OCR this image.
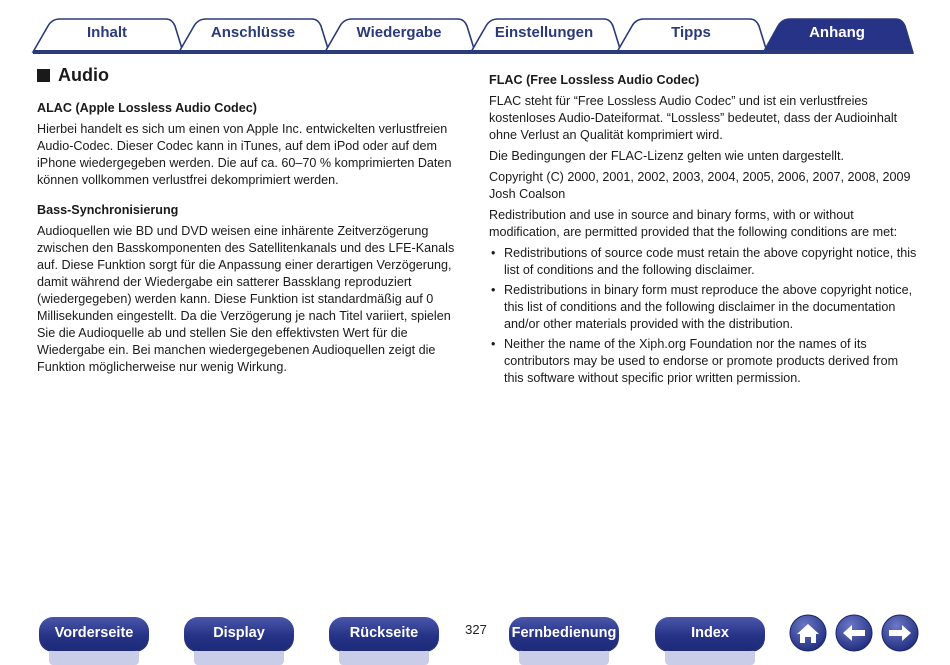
Inhalt	Anschlüsse	Wiedergabe	Einstellungen	Tipps	Anhang
Audio
ALAC (Apple Lossless Audio Codec)

Hierbei handelt es sich um einen von Apple Inc. entwickelten verlustfreien Audio-Codec. Dieser Codec kann in iTunes, auf dem iPod oder auf dem iPhone wiedergegeben werden. Die auf ca. 60–70 % komprimierten Daten können vollkommen verlustfrei dekomprimiert werden.

Bass-Synchronisierung

Audioquellen wie BD und DVD weisen eine inhärente Zeitverzögerung zwischen den Basskomponenten des Satellitenkanals und des LFE-Kanals auf. Diese Funktion sorgt für die Anpassung einer derartigen Verzögerung, damit während der Wiedergabe ein satterer Bassklang reproduziert (wiedergegeben) werden kann. Diese Funktion ist standardmäßig auf 0 Millisekunden eingestellt. Da die Verzögerung je nach Titel variiert, spielen Sie die Audioquelle ab und stellen Sie den effektivsten Wert für die Wiedergabe ein. Bei manchen wiedergegebenen Audioquellen zeigt die Funktion möglicherweise nur wenig Wirkung.

FLAC (Free Lossless Audio Codec)

FLAC steht für “Free Lossless Audio Codec” und ist ein verlustfreies kostenloses Audio-Dateiformat. “Lossless” bedeutet, dass der Audioinhalt ohne Verlust an Qualität komprimiert wird.

Die Bedingungen der FLAC-Lizenz gelten wie unten dargestellt.

Copyright (C) 2000, 2001, 2002, 2003, 2004, 2005, 2006, 2007, 2008, 2009 Josh Coalson

Redistribution and use in source and binary forms, with or without modification, are permitted provided that the following conditions are met:

• Redistributions of source code must retain the above copyright notice, this list of conditions and the following disclaimer.
• Redistributions in binary form must reproduce the above copyright notice, this list of conditions and the following disclaimer in the documentation and/or other materials provided with the distribution.
• Neither the name of the Xiph.org Foundation nor the names of its contributors may be used to endorse or promote products derived from this software without specific prior written permission.
Vorderseite	Display	Rückseite	327	Fernbedienung	Index
